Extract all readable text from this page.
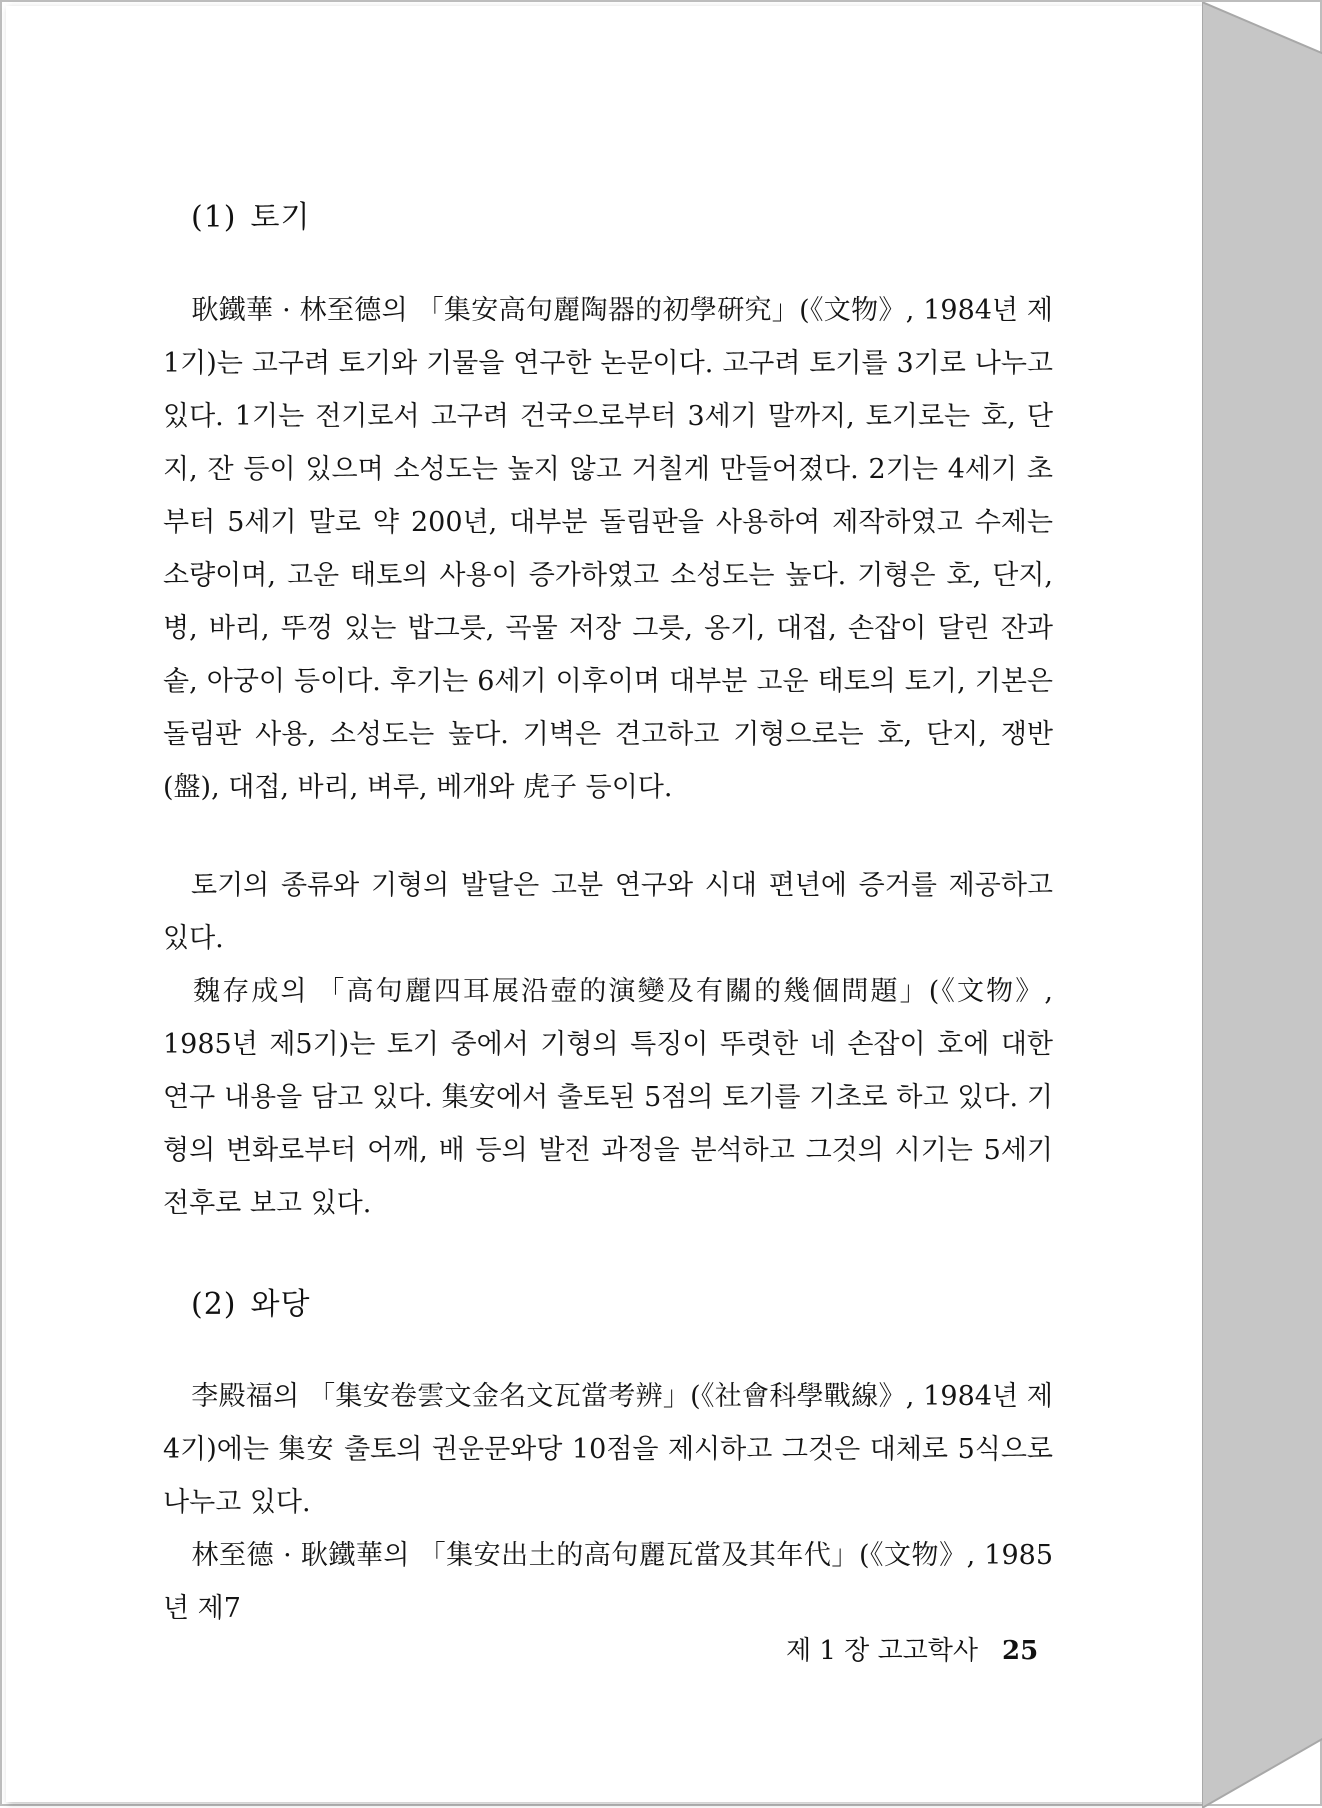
(1) 토기

耿鐵華 · 林至德의 「集安高句麗陶器的初學硏究」(《文物》, 1984년 제1기)는 고구려 토기와 기물을 연구한 논문이다. 고구려 토기를 3기로 나누고 있다. 1기는 전기로서 고구려 건국으로부터 3세기 말까지, 토기로는 호, 단지, 잔 등이 있으며 소성도는 높지 않고 거칠게 만들어졌다. 2기는 4세기 초부터 5세기 말로 약 200년, 대부분 돌림판을 사용하여 제작하였고 수제는 소량이며, 고운 태토의 사용이 증가하였고 소성도는 높다. 기형은 호, 단지, 병, 바리, 뚜껑 있는 밥그릇, 곡물 저장 그릇, 옹기, 대접, 손잡이 달린 잔과 솥, 아궁이 등이다. 후기는 6세기 이후이며 대부분 고운 태토의 토기, 기본은 돌림판 사용, 소성도는 높다. 기벽은 견고하고 기형으로는 호, 단지, 쟁반(盤), 대접, 바리, 벼루, 베개와 虎子 등이다.

토기의 종류와 기형의 발달은 고분 연구와 시대 편년에 증거를 제공하고 있다.

魏存成의 「高句麗四耳展沿壺的演變及有關的幾個問題」(《文物》, 1985년 제5기)는 토기 중에서 기형의 특징이 뚜렷한 네 손잡이 호에 대한 연구 내용을 담고 있다. 集安에서 출토된 5점의 토기를 기초로 하고 있다. 기형의 변화로부터 어깨, 배 등의 발전 과정을 분석하고 그것의 시기는 5세기 전후로 보고 있다.

(2) 와당

李殿福의 「集安卷雲文金名文瓦當考辨」(《社會科學戰線》, 1984년 제4기)에는 集安 출토의 권운문와당 10점을 제시하고 그것은 대체로 5식으로 나누고 있다.

林至德 · 耿鐵華의 「集安出土的高句麗瓦當及其年代」(《文物》, 1985년 제7

제 1 장 고고학사 25
